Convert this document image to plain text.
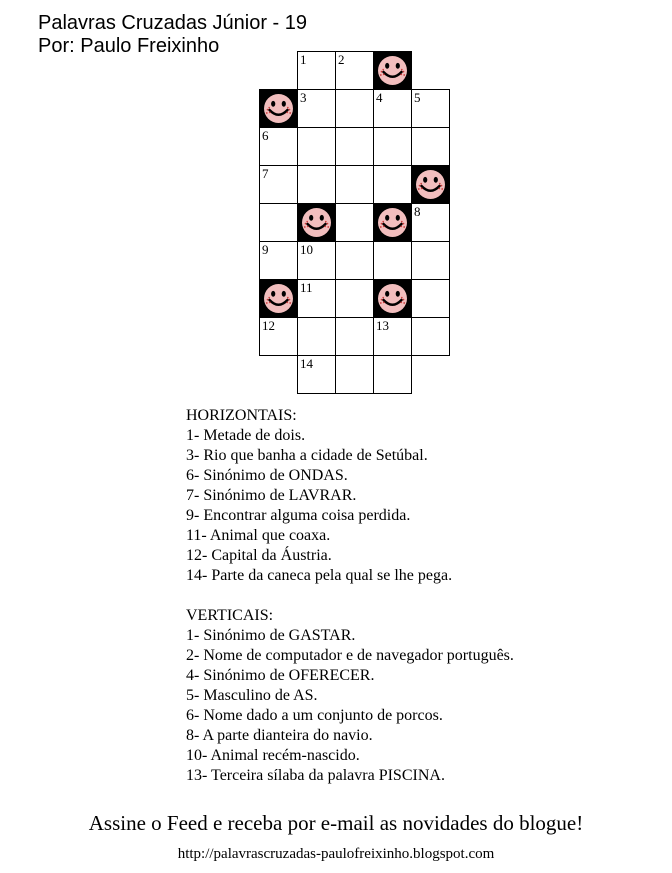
Palavras Cruzadas Júnior - 19
Por: Paulo Freixinho
1 2
3	4 5
6
7
8
9 10
11
12	13
14
HORIZONTAIS:
1- Metade de dois.
3- Rio que banha a cidade de Setúbal.
6- Sinónimo de ONDAS.
7- Sinónimo de LAVRAR.
9- Encontrar alguma coisa perdida.
11- Animal que coaxa.
12- Capital da Áustria.
14- Parte da caneca pela qual se lhe pega.
VERTICAIS:
1- Sinónimo de GASTAR.
2- Nome de computador e de navegador português.
4- Sinónimo de OFERECER.
5- Masculino de AS.
6- Nome dado a um conjunto de porcos.
8- A parte dianteira do navio.
10- Animal recém-nascido.
13- Terceira sílaba da palavra PISCINA.
Assine o Feed e receba por e-mail as novidades do blogue!
http://palavrascruzadas-paulofreixinho.blogspot.com
